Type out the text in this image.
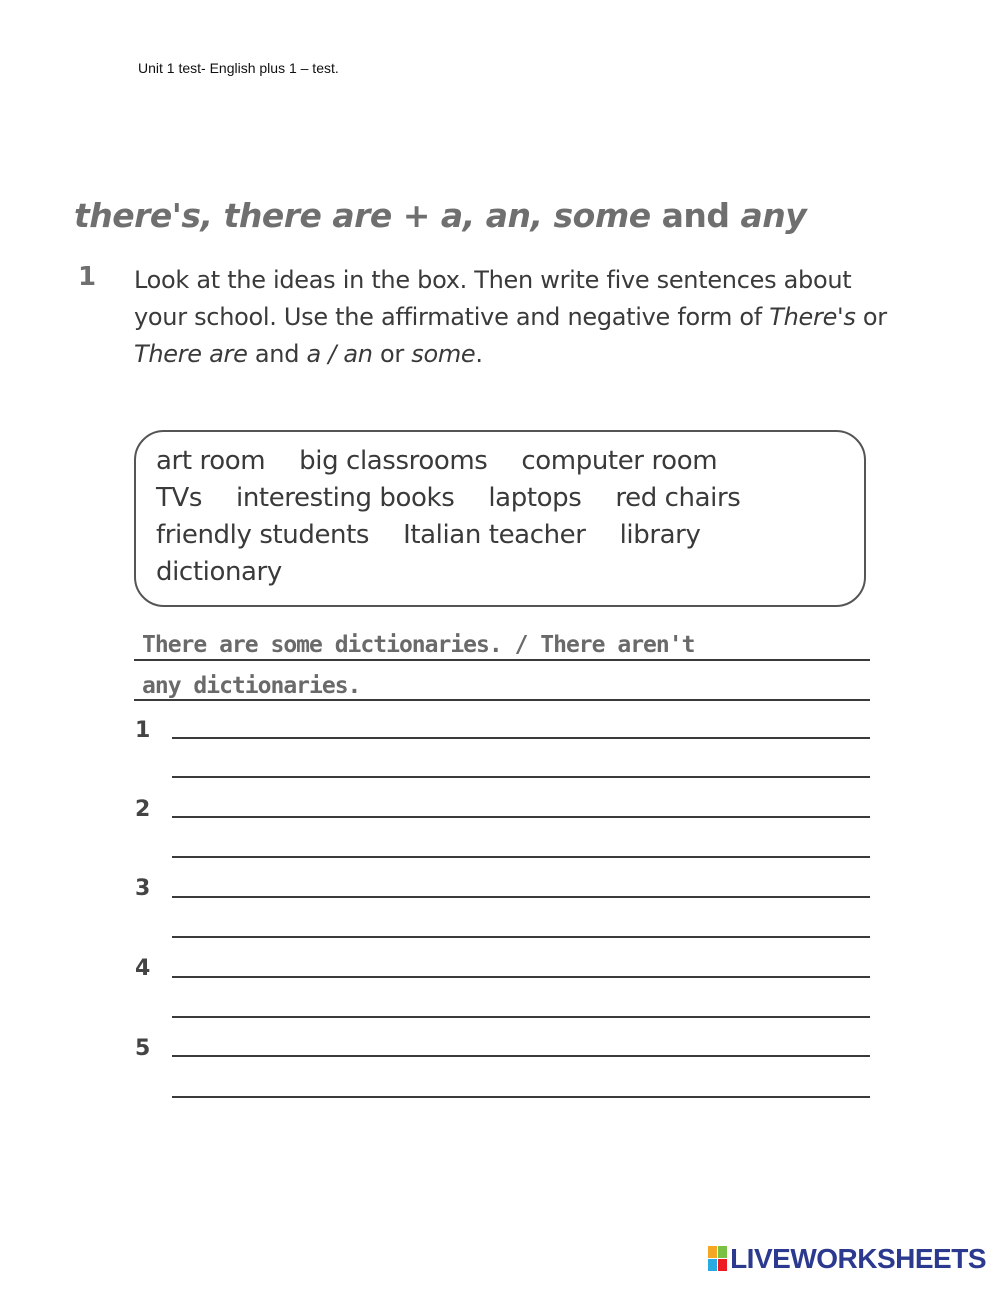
Unit 1 test- English plus 1 – test.
there's, there are + a, an, some and any
1 Look at the ideas in the box. Then write five sentences about your school. Use the affirmative and negative form of There's or There are and a / an or some.
art room big classrooms computer room
TVs interesting books laptops red chairs
friendly students Italian teacher library
dictionary
There are some dictionaries. / There aren't
any dictionaries.
1
2
3
4
5
LIVEWORKSHEETS
